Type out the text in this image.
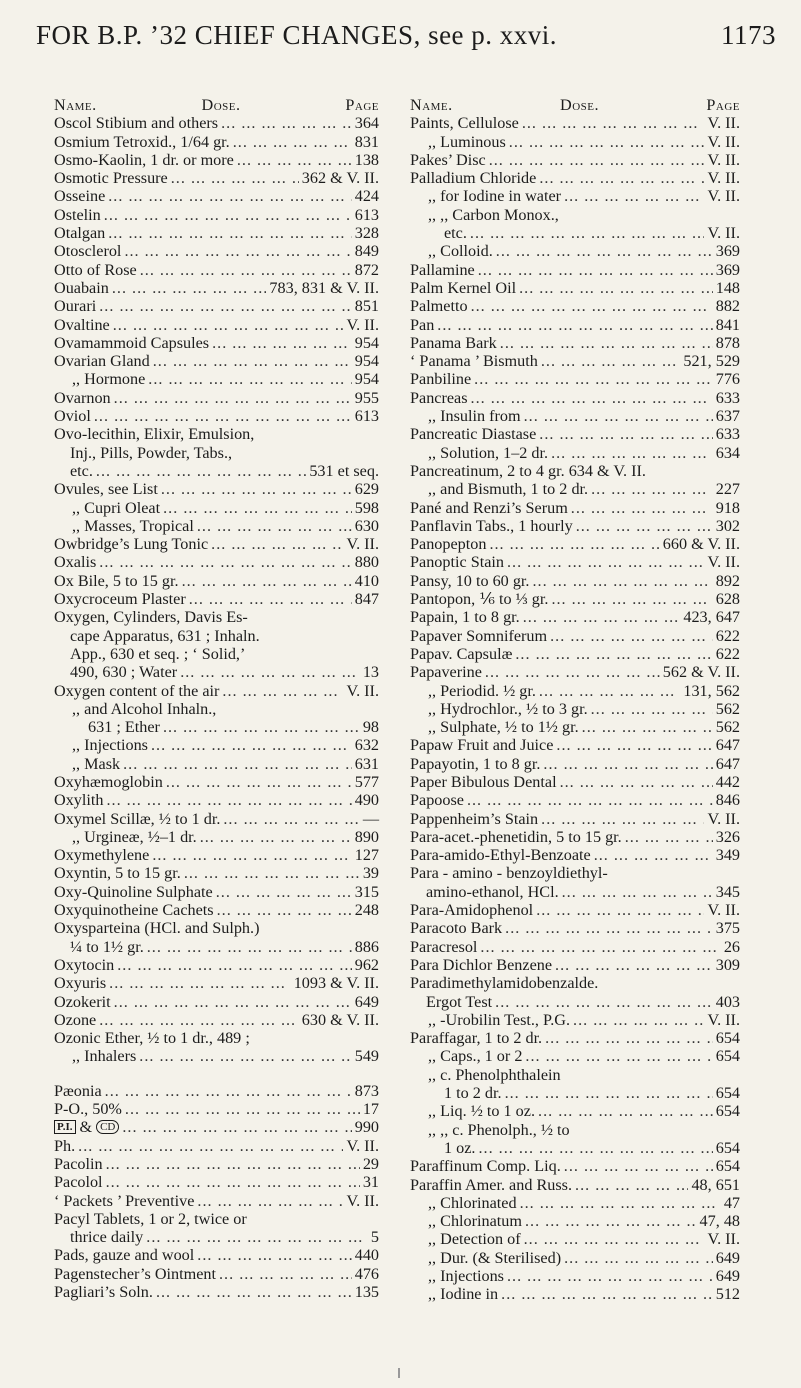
FOR B.P. ’32 CHIEF CHANGES, see p. xxvi.	1173
Name.	Dose.	Page
Oscol Stibium and others ... .	364
Osmium Tetroxid., 1/64 gr. ... .	831
Osmo-Kaolin, 1 dr. or more ... .	138
Osmotic Pressure ... .	362 & V. II.
Osseine ... .	424
Ostelin ... .	613
Otalgan ... .	328
Otosclerol ... .	849
Otto of Rose ... .	872
Ouabain ... .	783, 831 & V. II.
Ourari ... .	851
Ovaltine ... .	V. II.
Ovamammoid Capsules ... .	954
Ovarian Gland ... .	954
,, Hormone ... .	954
Ovarnon ... .	955
Oviol ... .	613
Ovo-lecithin, Elixir, Emulsion,
Inj., Pills, Powder, Tabs.,
etc. ... .	531 et seq.
Ovules, see List ... .	629
,, Cupri Oleat ... .	598
,, Masses, Tropical ... .	630
Owbridge’s Lung Tonic ... .	V. II.
Oxalis ... .	880
Ox Bile, 5 to 15 gr. ... .	410
Oxycroceum Plaster ... .	847
Oxygen, Cylinders, Davis Es-
cape Apparatus, 631 ; Inhaln.
App., 630 et seq. ; ‘ Solid,’
490, 630 ; Water ... .	13
Oxygen content of the air ... .	V. II.
,, and Alcohol Inhaln.,
631 ; Ether ... .	98
,, Injections ... .	632
,, Mask ... .	631
Oxyhæmoglobin ... .	577
Oxylith ... .	490
Oxymel Scillæ, ½ to 1 dr. ... .	—
,, Urgineæ, ½–1 dr. ... .	890
Oxymethylene ... .	127
Oxyntin, 5 to 15 gr. ... .	39
Oxy-Quinoline Sulphate ... .	315
Oxyquinotheine Cachets ... .	248
Oxysparteina (HCl. and Sulph.)
¼ to 1½ gr. ... .	886
Oxytocin ... .	962
Oxyuris ... .	1093 & V. II.
Ozokerit ... .	649
Ozone ... .	630 & V. II.
Ozonic Ether, ½ to 1 dr., 489 ;
,, Inhalers ... .	549
Pæonia ... .	873
P-O., 50% ... .	17
P.I. & CD ... .	990
Ph. ... .	V. II.
Pacolin ... .	29
Pacolol ... .	31
‘ Packets ’ Preventive ... .	V. II.
Pacyl Tablets, 1 or 2, twice or
thrice daily ... .	5
Pads, gauze and wool ... .	440
Pagenstecher’s Ointment ... .	476
Pagliari’s Soln. ... .	135
Name.	Dose.	Page
Paints, Cellulose ... .	V. II.
,, Luminous ... .	V. II.
Pakes’ Disc ... .	V. II.
Palladium Chloride ... .	V. II.
,, for Iodine in water ... .	V. II.
,, ,, Carbon Monox.,
etc. ... .	V. II.
,, Colloid. ... .	369
Pallamine ... .	369
Palm Kernel Oil ... .	148
Palmetto ... .	882
Pan ... .	841
Panama Bark ... .	878
‘ Panama ’ Bismuth ... .	521, 529
Panbiline ... .	776
Pancreas ... .	633
,, Insulin from ... .	637
Pancreatic Diastase ... .	633
,, Solution, 1–2 dr. ... .	634
Pancreatinum, 2 to 4 gr. 634 & V. II.
,, and Bismuth, 1 to 2 dr. ... .	227
Pané and Renzi’s Serum ... .	918
Panflavin Tabs., 1 hourly ... .	302
Panopepton ... .	660 & V. II.
Panoptic Stain ... .	V. II.
Pansy, 10 to 60 gr. ... .	892
Pantopon, ⅙ to ⅓ gr. ... .	628
Papain, 1 to 8 gr. ... .	423, 647
Papaver Somniferum ... .	622
Papav. Capsulæ ... .	622
Papaverine ... .	562 & V. II.
,, Periodid. ½ gr. ... .	131, 562
,, Hydrochlor., ½ to 3 gr. ... .	562
,, Sulphate, ½ to 1½ gr. ... .	562
Papaw Fruit and Juice ... .	647
Papayotin, 1 to 8 gr. ... .	647
Paper Bibulous Dental ... .	442
Papoose ... .	846
Pappenheim’s Stain ... .	V. II.
Para-acet.-phenetidin, 5 to 15 gr. ... .	326
Para-amido-Ethyl-Benzoate ... .	349
Para - amino - benzoyldiethyl-
amino-ethanol, HCl. ... .	345
Para-Amidophenol ... .	V. II.
Paracoto Bark ... .	375
Paracresol ... .	26
Para Dichlor Benzene ... .	309
Paradimethylamidobenzalde.
Ergot Test ... .	403
,, -Urobilin Test., P.G. ... .	V. II.
Paraffagar, 1 to 2 dr. ... .	654
,, Caps., 1 or 2 ... .	654
,, c. Phenolphthalein
1 to 2 dr. ... .	654
,, Liq. ½ to 1 oz. ... .	654
,, ,, c. Phenolph., ½ to
1 oz. ... .	654
Paraffinum Comp. Liq. ... .	654
Paraffin Amer. and Russ. ... .	48, 651
,, Chlorinated ... .	47
,, Chlorinatum ... .	47, 48
,, Detection of ... .	V. II.
,, Dur. (& Sterilised) ... .	649
,, Injections ... .	649
,, Iodine in ... .	512
